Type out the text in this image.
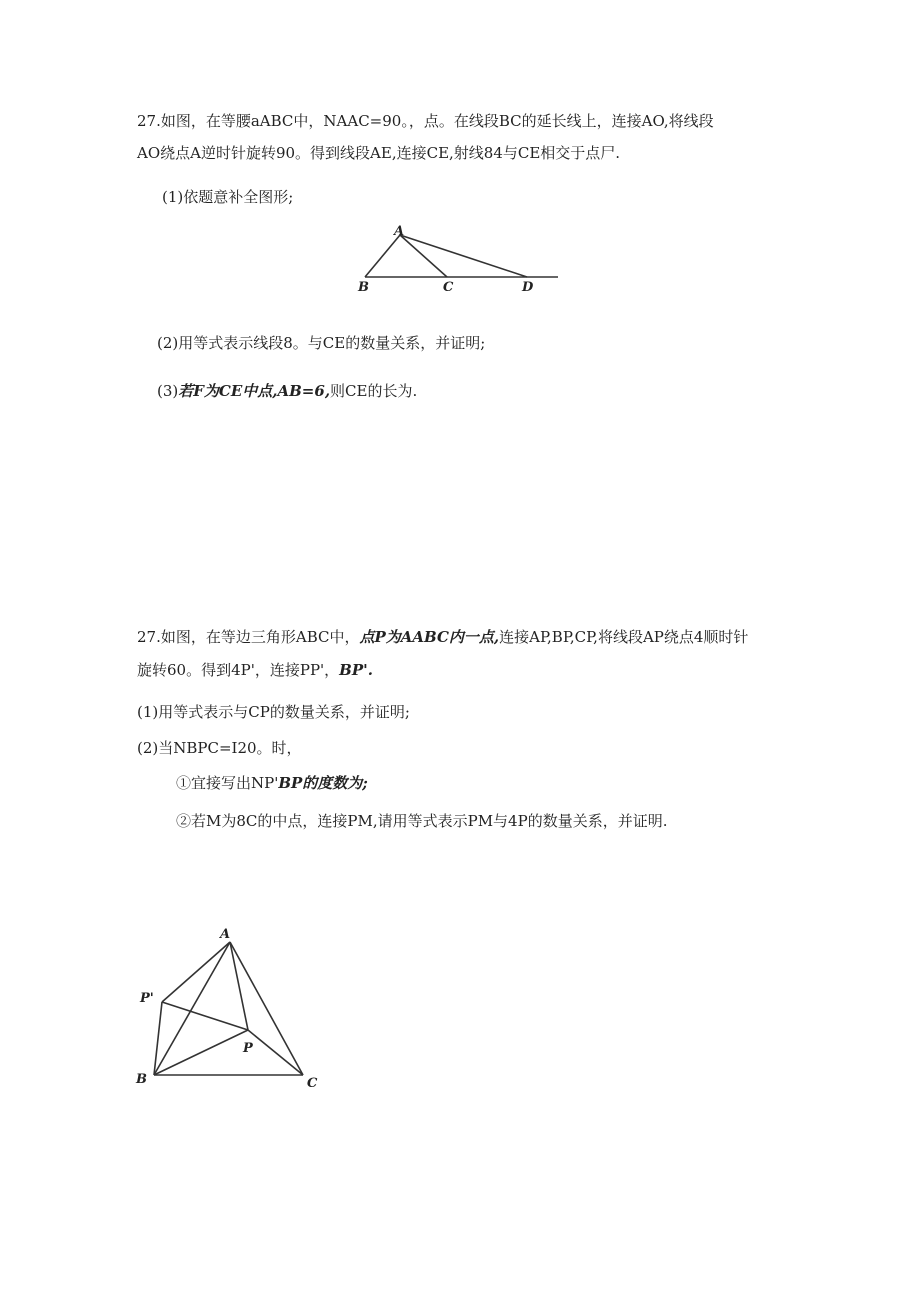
27.如图，在等腰aABC中，NAAC=90。，点。在线段BC的延长线上，连接AO,将线段
AO绕点A逆时针旋转90。得到线段AE,连接CE,射线84与CE相交于点尸.
(1)依题意补全图形;
A
B	C	D
(2)用等式表示线段8。与CE的数量关系，并证明;
(3)若F为CE中点,AB=6,则CE的长为.
27.如图，在等边三角形ABC中，点P为AABC内一点,连接AP,BP,CP,将线段AP绕点4顺时针
旋转60。得到4P'，连接PP'，BP'.
(1)用等式表示与CP的数量关系，并证明;
(2)当NBPC=I20。时，
①宜接写出NP'BP的度数为;
②若M为8C的中点，连接PM,请用等式表示PM与4P的数量关系，并证明.
A
P'
P
B	C
